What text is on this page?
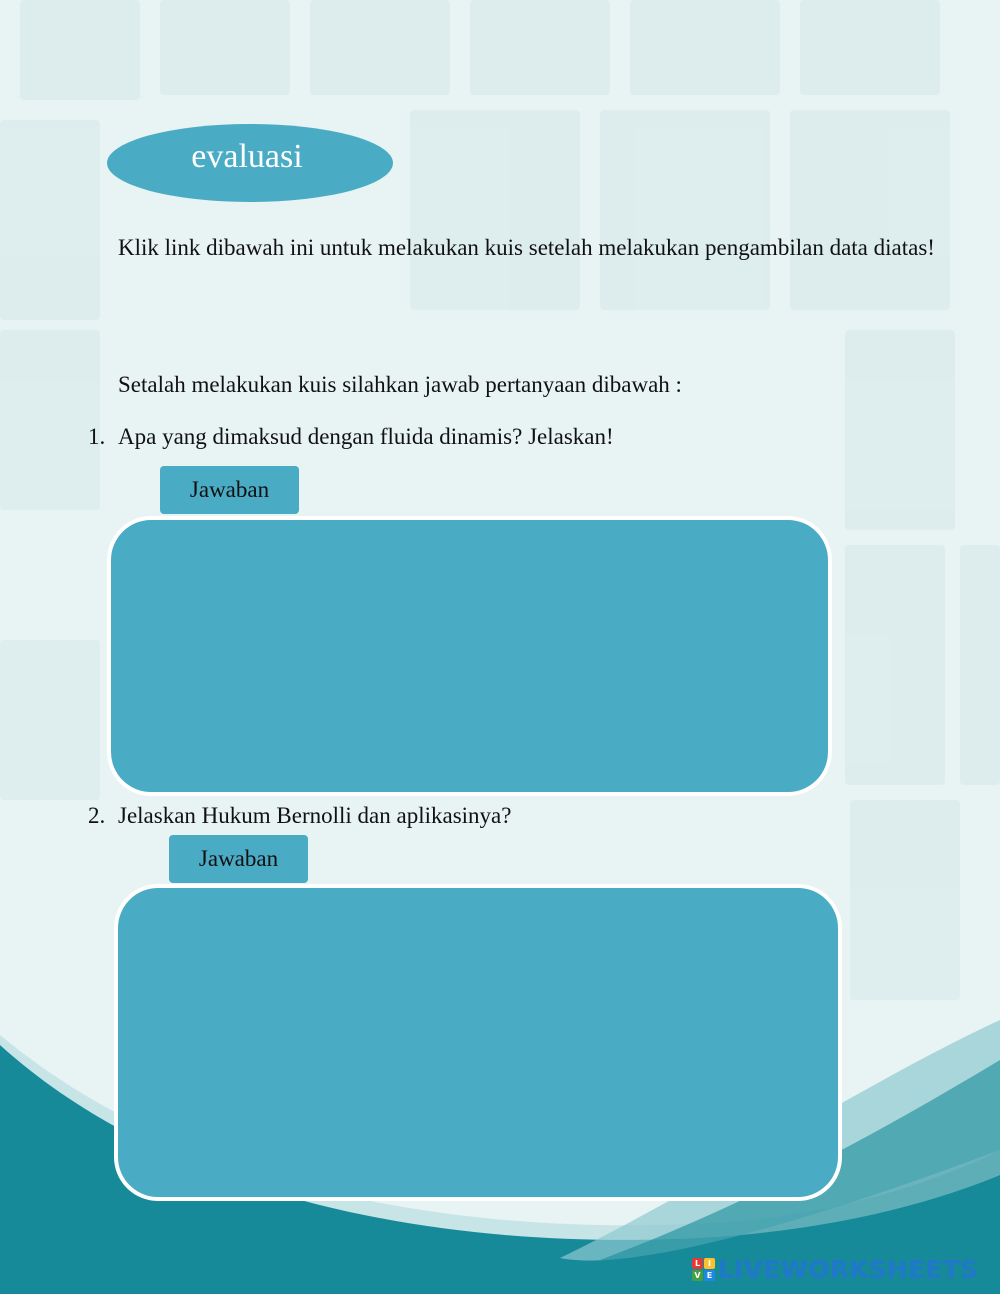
evaluasi

Klik link dibawah ini untuk melakukan kuis setelah melakukan pengambilan data diatas!

Setalah melakukan kuis silahkan jawab pertanyaan dibawah :

1. Apa yang dimaksud dengan fluida dinamis? Jelaskan!
Jawaban
2. Jelaskan Hukum Bernolli dan aplikasinya?
Jawaban
L I
V E LIVEWORKSHEETS
